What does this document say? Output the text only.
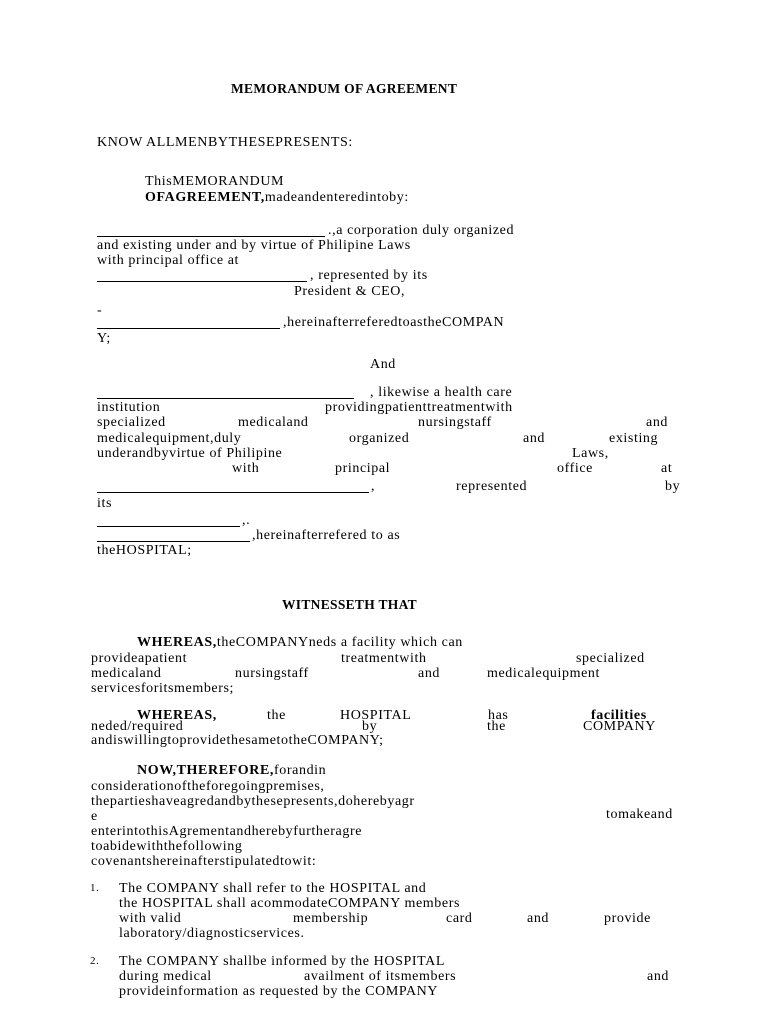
MEMORANDUM OF AGREEMENT
KNOW ALLMENBYTHESEPRESENTS:
ThisMEMORANDUM
OFAGREEMENT,madeandenteredintoby:
.,a corporation duly organized
and existing under and by virtue of Philipine Laws
with principal office at
, represented by its
President & CEO,
-
,hereinafterreferedtoastheCOMPAN
Y;
And
, likewise a health care
institution	providingpatienttreatmentwith
specialized	medicaland	nursingstaff	and
medicalequipment,duly	organized	and	existing
underandbyvirtue of Philipine	Laws,
with	principal	office	at
,	represented	by
its
,.
,hereinafterrefered to as
theHOSPITAL;
WITNESSETH THAT
WHEREAS,theCOMPANYneds a facility which can
provideapatient	treatmentwith	specialized
medicaland	nursingstaff	and	medicalequipment
servicesforitsmembers;
WHEREAS,	the	HOSPITAL	has	facilities
neded/required	by	the	COMPANY
andiswillingtoprovidethesametotheCOMPANY;
NOW,THEREFORE,forandin
considerationoftheforegoingpremises,
thepartieshaveagredandbythesepresents,doherebyagr
e	tomakeand
enterintothisAgrementandherebyfurtheragre
toabidewiththefollowing
covenantshereinafterstipulatedtowit:
1. The COMPANY shall refer to the HOSPITAL and
the HOSPITAL shall acommodateCOMPANY members
with valid	membership	card	and	provide
laboratory/diagnosticservices.
2. The COMPANY shallbe informed by the HOSPITAL
during medical	availment of itsmembers	and
provideinformation as requested by the COMPANY
